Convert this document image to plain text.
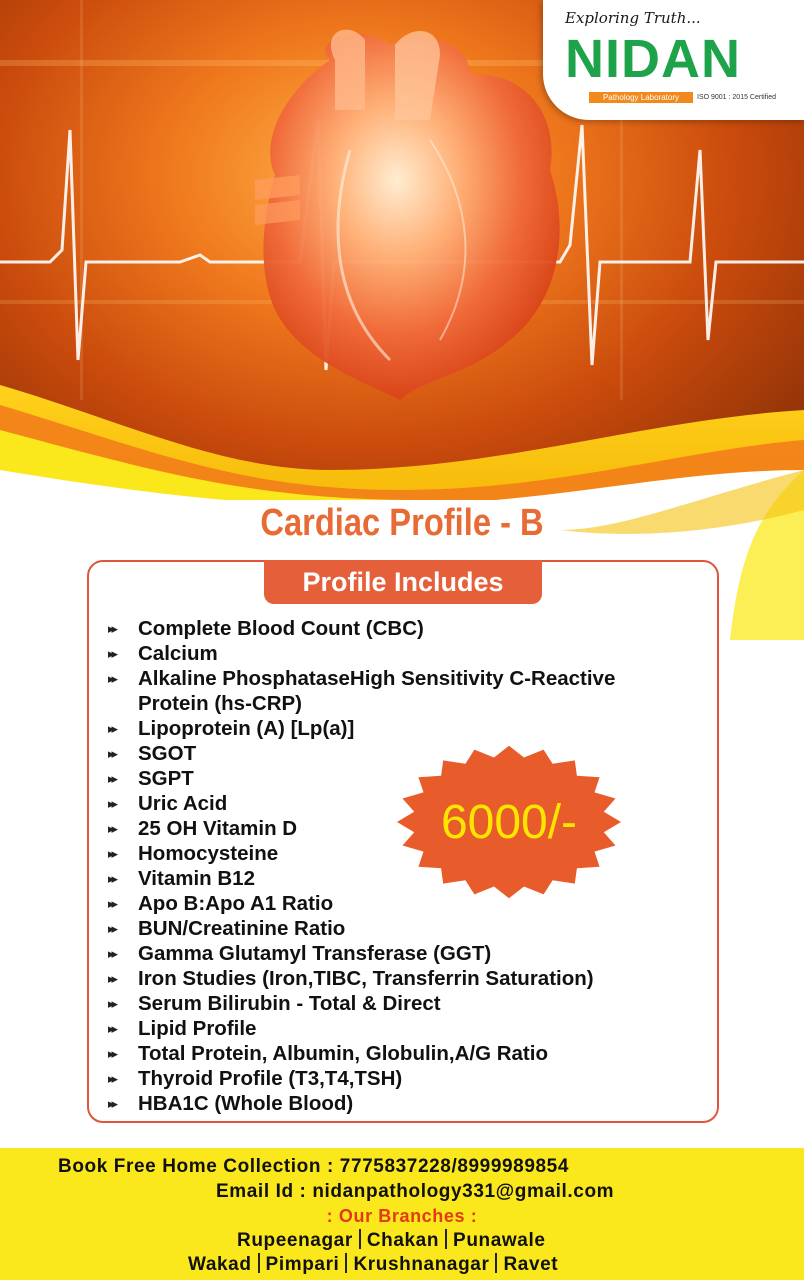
Exploring Truth...
NIDAN
Pathology Laboratory	ISO 9001 : 2015 Certified
Cardiac Profile - B
Profile Includes
▸▸ Complete Blood Count (CBC)
▸▸ Calcium
▸▸ Alkaline PhosphataseHigh Sensitivity C-Reactive
Protein (hs-CRP)
▸▸ Lipoprotein (A) [Lp(a)]
▸▸ SGOT
▸▸ SGPT
▸▸ Uric Acid
▸▸ 25 OH Vitamin D
▸▸ Homocysteine
▸▸ Vitamin B12
▸▸ Apo B:Apo A1 Ratio
▸▸ BUN/Creatinine Ratio
▸▸ Gamma Glutamyl Transferase (GGT)
▸▸ Iron Studies (Iron,TIBC, Transferrin Saturation)
▸▸ Serum Bilirubin - Total & Direct
▸▸ Lipid Profile
▸▸ Total Protein, Albumin, Globulin,A/G Ratio
▸▸ Thyroid Profile (T3,T4,TSH)
▸▸ HBA1C (Whole Blood)
6000/-
Book Free Home Collection : 7775837228/8999989854
Email Id : nidanpathology331@gmail.com
: Our Branches :
Rupeenagar Chakan Punawale
Wakad Pimpari Krushnanagar Ravet
